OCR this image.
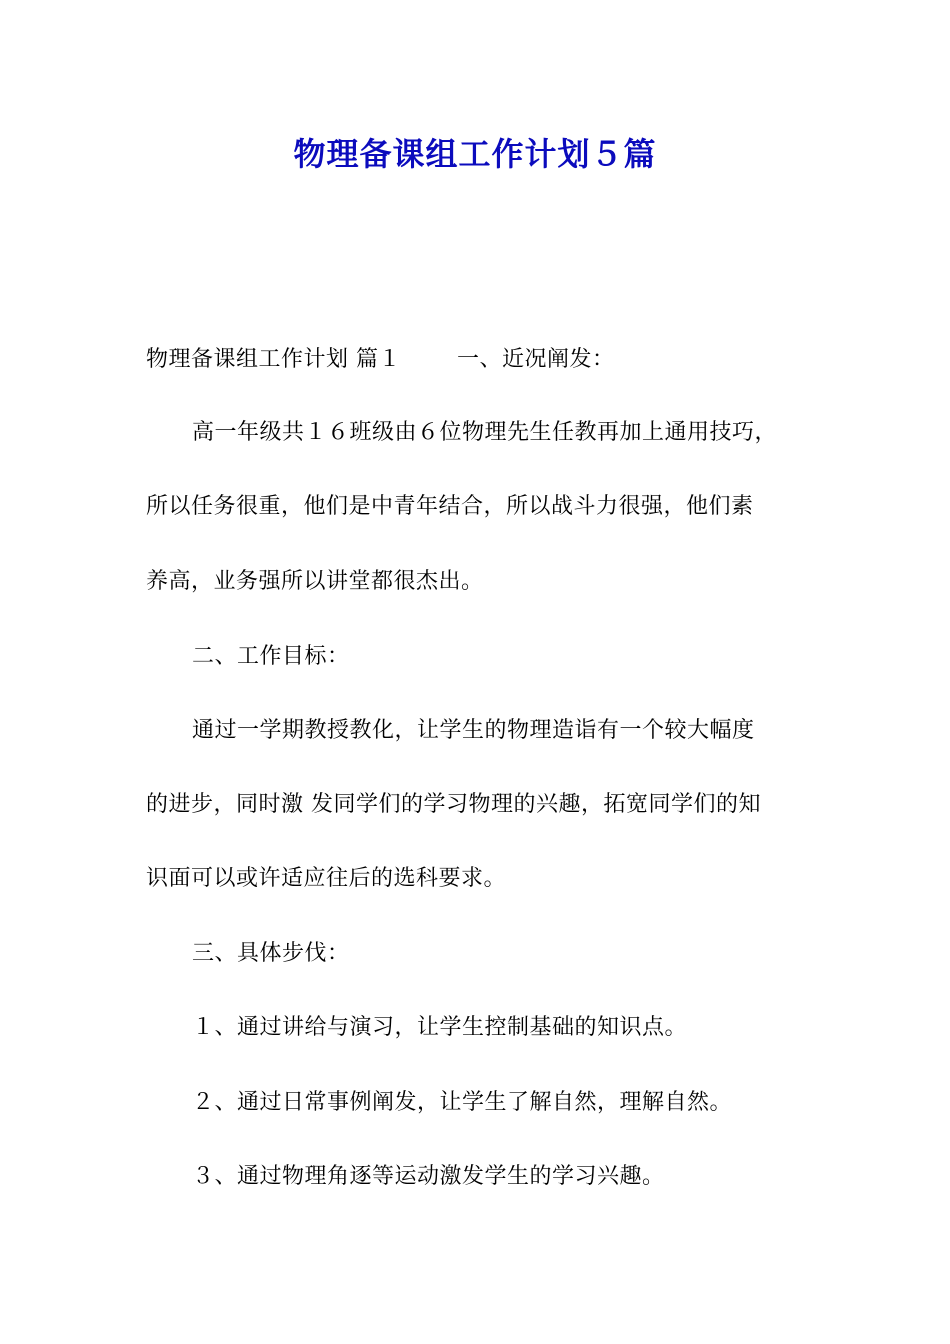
物理备课组工作计划５篇
物理备课组工作计划 篇１	一、近况阐发：
高一年级共１６班级由６位物理先生任教再加上通用技巧，
所以任务很重，他们是中青年结合，所以战斗力很强，他们素
养高，业务强所以讲堂都很杰出。
二、工作目标：
通过一学期教授教化，让学生的物理造诣有一个较大幅度
的进步，同时激 发同学们的学习物理的兴趣，拓宽同学们的知
识面可以或许适应往后的选科要求。
三、具体步伐：
１、通过讲给与演习，让学生控制基础的知识点。
２、通过日常事例阐发，让学生了解自然，理解自然。
３、通过物理角逐等运动激发学生的学习兴趣。
